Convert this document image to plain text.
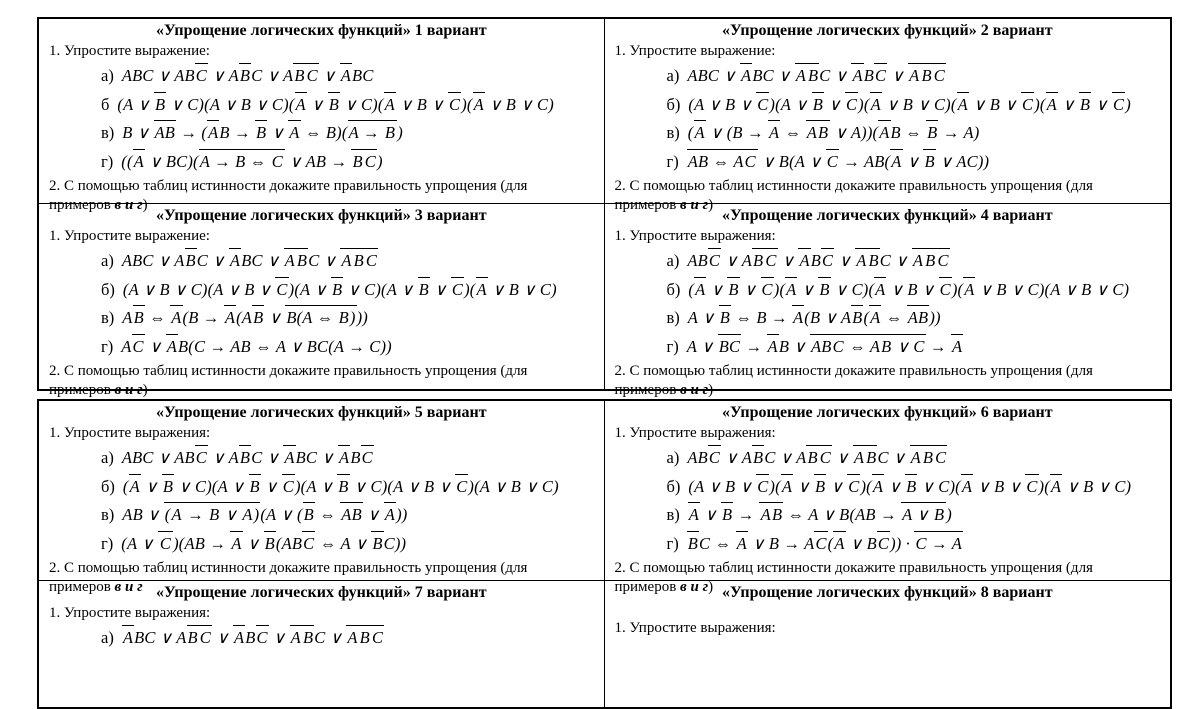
«Упрощение логических функций» 1 вариант
1. Упростите выражение:
а) ABC ∨ ABC ∨ ABC ∨ AB C ∨ ABC
б (A ∨ B ∨ C)(A ∨ B ∨ C)(A ∨ B ∨ C)(A ∨ B ∨ C)(A ∨ B ∨ C)
в) B ∨ AB → (AB → B ∨ A ⇔ B)(A → B )
г) ((A ∨ BC)(A → B ⇔ C ∨ AB → B C)
2. С помощью таблиц истинности докажите правильность упрощения (для
примеров в и г)
«Упрощение логических функций» 2 вариант
1. Упростите выражение:
а) ABC ∨ ABC ∨ A BC ∨ ABC ∨ A B C
б) (A ∨ B ∨ C)(A ∨ B ∨ C)(A ∨ B ∨ C)(A ∨ B ∨ C)(A ∨ B ∨ C)
в) (A ∨ (B → A ⇔ AB ∨ A))(AB ⇔ B → A)
г) AB ⇔ AC ∨ B(A ∨ C → AB(A ∨ B ∨ AC))
2. С помощью таблиц истинности докажите правильность упрощения (для
примеров в и г)
«Упрощение логических функций» 3 вариант
1. Упростите выражение:
а) ABC ∨ ABC ∨ ABC ∨ A BC ∨ A B C
б) (A ∨ B ∨ C)(A ∨ B ∨ C)(A ∨ B ∨ C)(A ∨ B ∨ C)(A ∨ B ∨ C)
в) AB ⇔ A(B → A(AB ∨ B(A ⇔ B)))
г) AC ∨ AB(C → AB ⇔ A ∨ BC(A → C))
2. С помощью таблиц истинности докажите правильность упрощения (для
примеров в и г)
«Упрощение логических функций» 4 вариант
1. Упростите выражения:
а) ABC ∨ AB C ∨ ABC ∨ A BC ∨ A B C
б) (A ∨ B ∨ C)(A ∨ B ∨ C)(A ∨ B ∨ C)(A ∨ B ∨ C)(A ∨ B ∨ C)
в) A ∨ B ⇔ B → A(B ∨ AB(A ⇔ AB))
г) A ∨ BC → AB ∨ ABC ⇔ AB ∨ C → A
2. С помощью таблиц истинности докажите правильность упрощения (для
примеров в и г)
«Упрощение логических функций» 5 вариант
1. Упростите выражения:
а) ABC ∨ ABC ∨ ABC ∨ ABC ∨ ABC
б) (A ∨ B ∨ C)(A ∨ B ∨ C)(A ∨ B ∨ C)(A ∨ B ∨ C)(A ∨ B ∨ C)
в) AB ∨ (A → B ∨ A)(A ∨ (B ⇔ AB ∨ A))
г) (A ∨ C )(AB → A ∨ B(ABC ⇔ A ∨ BC))
2. С помощью таблиц истинности докажите правильность упрощения (для
примеров в и г
«Упрощение логических функций» 6 вариант
1. Упростите выражения:
а) ABC ∨ ABC ∨ AB C ∨ A BC ∨ A B C
б) (A ∨ B ∨ C)(A ∨ B ∨ C)(A ∨ B ∨ C)(A ∨ B ∨ C)(A ∨ B ∨ C)
в) A ∨ B → AB ⇔ A ∨ B(AB → A ∨ B )
г) BC ⇔ A ∨ B → AC(A ∨ BC)) · C → A
2. С помощью таблиц истинности докажите правильность упрощения (для
примеров в и г)
«Упрощение логических функций» 7 вариант
1. Упростите выражения:
а) ABC ∨ AB C ∨ ABC ∨ A BC ∨ A B C
«Упрощение логических функций» 8 вариант
1. Упростите выражения:
